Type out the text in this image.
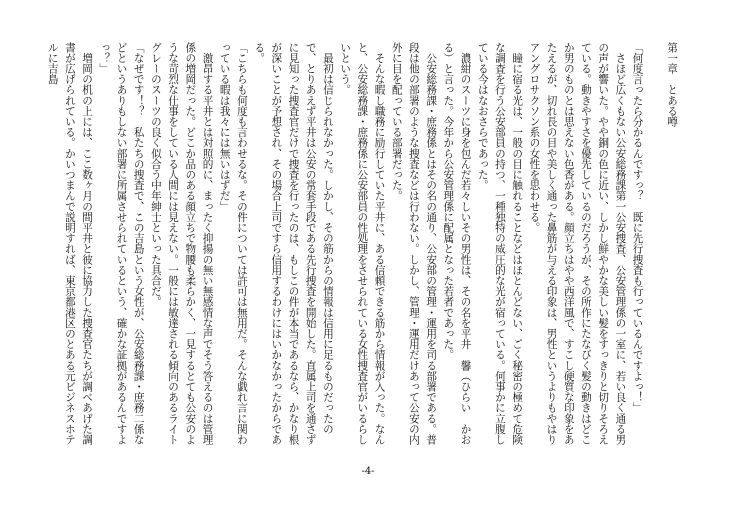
第一章　とある噂

「何度言ったら分かるんですっ？　既に先行捜査も行っているんですよっ！」

　さほど広くもない公安総務課第一公安捜査、公安管理係の一室に、若い良く通る男の声が響いた。やや銅の色に近い、しかし鮮やかな美しい髪をすっきりと切りそろえている。動きやすさを優先しているのだろうが、その所作にたなびく髪の動きはどこか男のものとは思えない色香がある。顔立ちはやや西洋風で、すこし硬質な印象をあたえるが、切れ長の目や美しく通った鼻筋が与える印象は、男性というよりもやはりアングロサクソン系の女性を思わせる。

　瞳に宿る光は、一般の目に触れることなどはほとんどない、ごく秘密の極めて危険な調査を行う公安部員の持つ、一種独特の威圧的な光が宿っている。何事かに立腹している今はなおさらであった。

　濃紺のスーツに身を包んだ若々しいその男性は、その名を平井　馨（ひらい　かおる）と言った。今年から公安管理係に配属となった若者であった。

　公安総務課・庶務係とはその名の通り、公安部の管理・運用を司る部署である。普段は他の部署のような捜査などは行わない。しかし、管理・運用だけあって公安の内外に目を配っている部署だった。

　そんな暇し職務に励行していた平井に、ある信頼できる筋から情報が入った。なんと、公安総務課・庶務係に公安部員の性処理をさせられている女性捜査官がいるらしいという。

　最初は信じられなかった。しかし、その筋からの情報は信用に足るものだったので、とりあえず平井は公安の常套手段である先行捜査を開始した。直属上司を通さずに見知った捜査官だけで捜査を行ったのは、もしこの件が本当であるなら、かなり根が深いことが予想され、その場合上司ですら信用するわけにはいかなかったからである。

「こちらも何度も言わせるな。その件については許可は無用だ。そんな戯れ言に関わっている暇は我々には無いはずだ」

　激昂する平井とは対照的に、まったく抑揚の無い無感情な声でそう答えるのは管理係の増岡だった。どこか品のある顔立ちで物腰も柔らかく、一見するとても公安のような苛烈な仕事をしている人間には見えない。一般には敏達される傾向のあるライトグレーのスーツの良く似合う中年紳士といった具合だ。

「なぜです！？　私たちの捜査で、この吉島という女性が、公安総務課・庶務二係などというありもしない部署に所属させられているという、確かな証拠があるんですよっ？」

　増岡の机の上には、ここ数ヶ月の間平井と彼に協力した捜査官たちが調べあげた調書が広げられている。かいつまんで説明すれば、東京都港区のとある元ビジネスホテルに吉島

-4-
